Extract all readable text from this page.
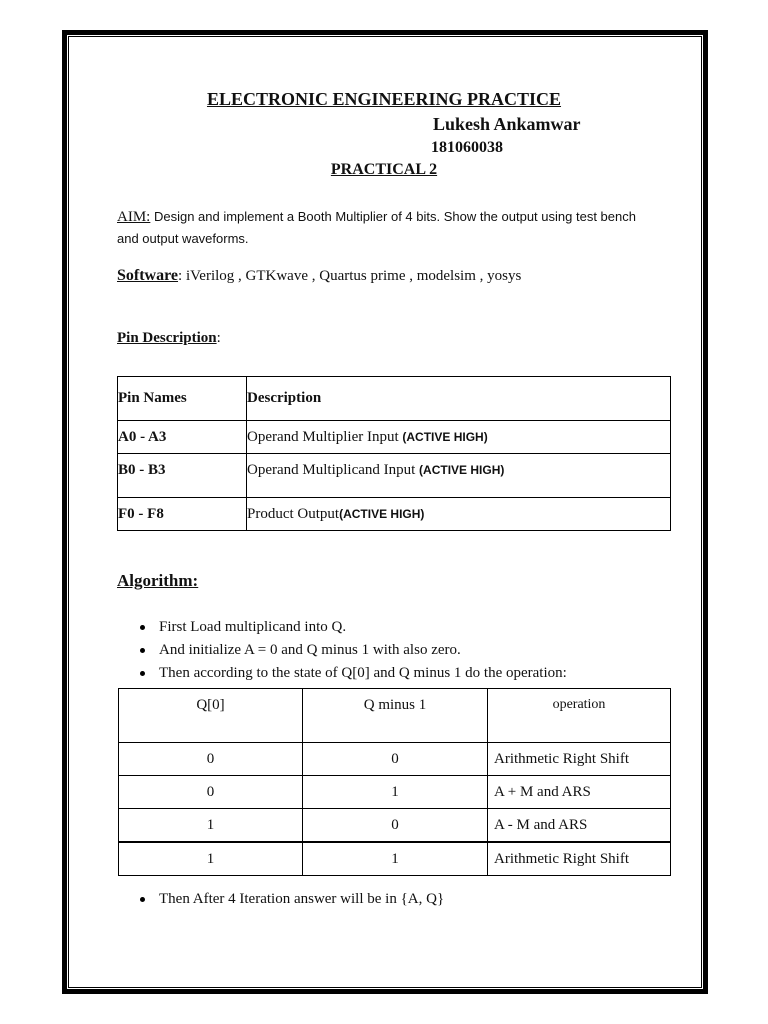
ELECTRONIC ENGINEERING PRACTICE
Lukesh Ankamwar
181060038
PRACTICAL 2
AIM: Design and implement a Booth Multiplier of 4 bits. Show the output using test bench and output waveforms.
Software: iVerilog , GTKwave , Quartus prime , modelsim , yosys
Pin Description:
Pin Names	Description
A0 - A3	Operand Multiplier Input (ACTIVE HIGH)
B0 - B3	Operand Multiplicand Input (ACTIVE HIGH)
F0 - F8	Product Output(ACTIVE HIGH)
Algorithm:
First Load multiplicand into Q.
And initialize A = 0 and Q minus 1 with also zero.
Then according to the state of Q[0] and Q minus 1 do the operation:
Q[0]	Q minus 1	operation
0	0	Arithmetic Right Shift
0	1	A + M and ARS
1	0	A - M and ARS
1	1	Arithmetic Right Shift
Then After 4 Iteration answer will be in {A, Q}
